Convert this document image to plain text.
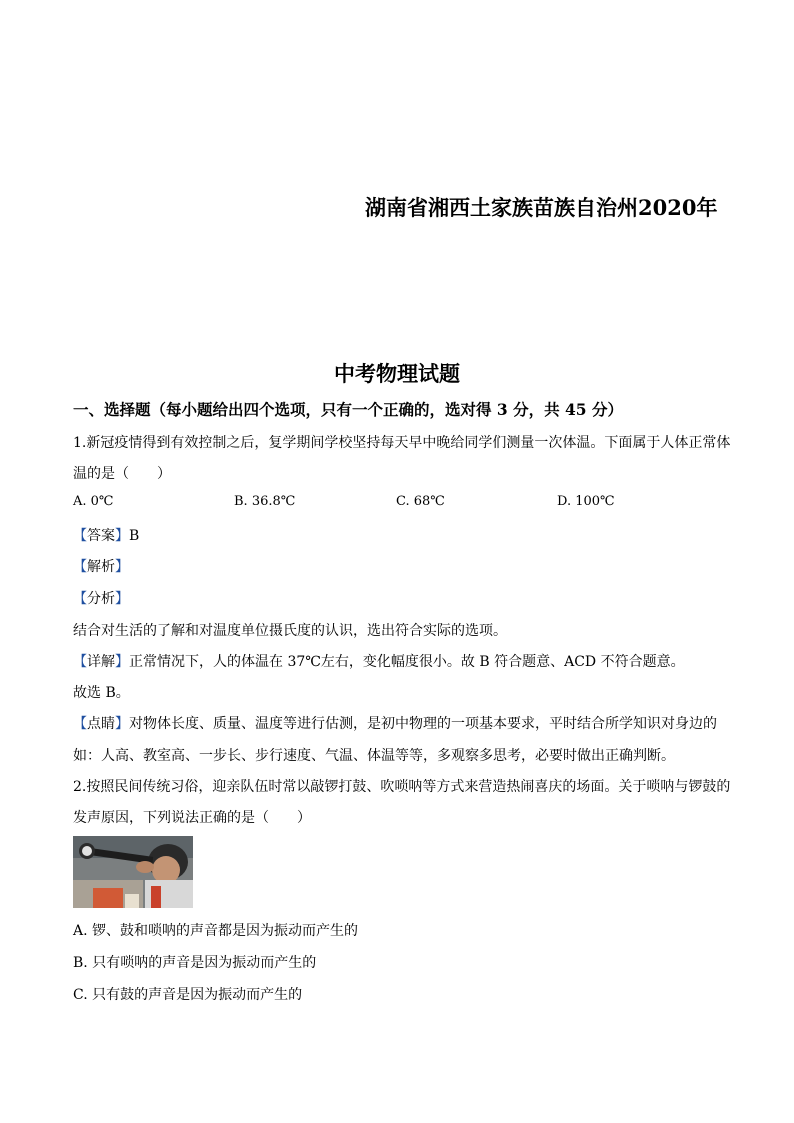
湖南省湘西土家族苗族自治州2020年
中考物理试题
一、选择题（每小题给出四个选项，只有一个正确的，选对得 3 分，共 45 分）
1.新冠疫情得到有效控制之后，复学期间学校坚持每天早中晚给同学们测量一次体温。下面属于人体正常体
温的是（　　）
A. 0℃	B. 36.8℃	C. 68℃	D. 100℃
【答案】B
【解析】
【分析】
结合对生活的了解和对温度单位摄氏度的认识，选出符合实际的选项。
【详解】正常情况下，人的体温在 37℃左右，变化幅度很小。故 B 符合题意、ACD 不符合题意。
故选 B。
【点睛】对物体长度、质量、温度等进行估测，是初中物理的一项基本要求，平时结合所学知识对身边的
如：人高、教室高、一步长、步行速度、气温、体温等等，多观察多思考，必要时做出正确判断。
2.按照民间传统习俗，迎亲队伍时常以敲锣打鼓、吹唢呐等方式来营造热闹喜庆的场面。关于唢呐与锣鼓的
发声原因，下列说法正确的是（　　）
A. 锣、鼓和唢呐的声音都是因为振动而产生的
B. 只有唢呐的声音是因为振动而产生的
C. 只有鼓的声音是因为振动而产生的
